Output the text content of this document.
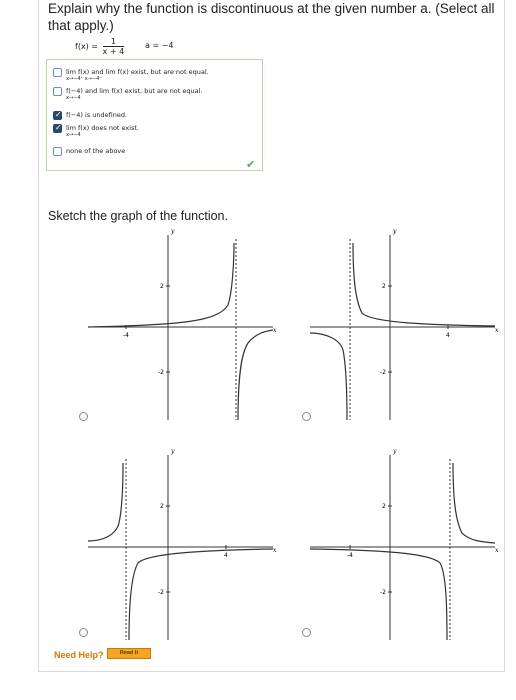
Explain why the function is discontinuous at the given number a. (Select all that apply.)
$f(x) = \frac{1}{x + 4}$	a = −4
lim f(x) and lim f(x) exist, but are not equal.
x→−4⁺ x→−4⁻
f(−4) and lim f(x) exist, but are not equal.
x→−4
✓
f(−4) is undefined.
✓
lim f(x) does not exist.
x→−4
none of the above
✔
Sketch the graph of the function.
y
x
2
-2
-4
y
x
2
-2
4
y
x
2
-2
4
y
x
2
-2
-4
Need Help?	Read It
